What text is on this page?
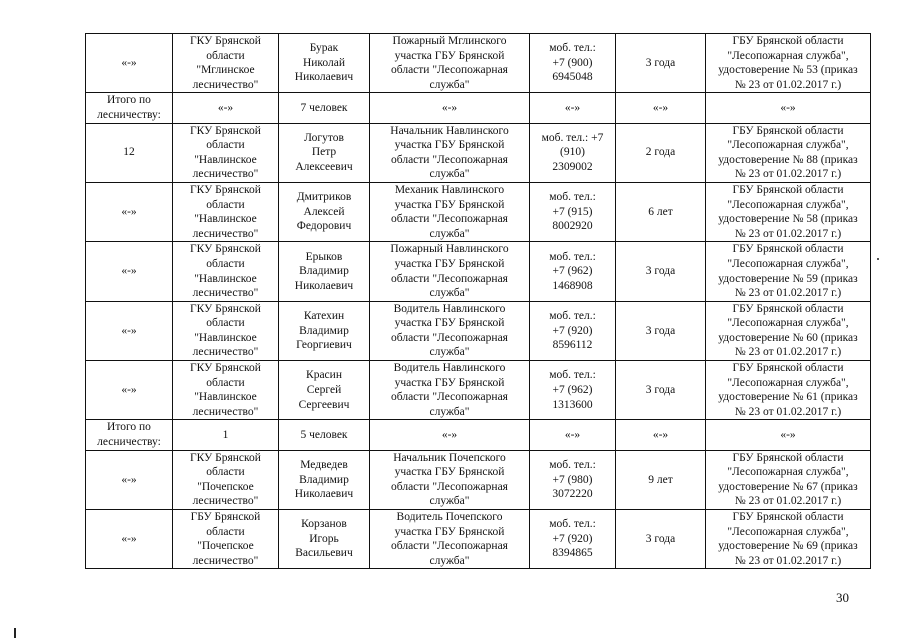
«-»	ГКУ Брянской
области
"Мглинское
лесничество"	Бурак
Николай
Николаевич	Пожарный Мглинского
участка ГБУ Брянской
области "Лесопожарная
служба"	моб. тел.:
+7 (900)
6945048	3 года	ГБУ Брянской области
"Лесопожарная служба",
удостоверение № 53 (приказ
№ 23 от 01.02.2017 г.)
Итого по
лесничеству:	«-»	7 человек	«-»	«-»	«-»	«-»
12	ГКУ Брянской
области
"Навлинское
лесничество"	Логутов
Петр
Алексеевич	Начальник Навлинского
участка ГБУ Брянской
области "Лесопожарная
служба"	моб. тел.: +7
(910)
2309002	2 года	ГБУ Брянской области
"Лесопожарная служба",
удостоверение № 88 (приказ
№ 23 от 01.02.2017 г.)
«-»	ГКУ Брянской
области
"Навлинское
лесничество"	Дмитриков
Алексей
Федорович	Механик Навлинского
участка ГБУ Брянской
области "Лесопожарная
служба"	моб. тел.:
+7 (915)
8002920	6 лет	ГБУ Брянской области
"Лесопожарная служба",
удостоверение № 58 (приказ
№ 23 от 01.02.2017 г.)
«-»	ГКУ Брянской
области
"Навлинское
лесничество"	Ерыков
Владимир
Николаевич	Пожарный Навлинского
участка ГБУ Брянской
области "Лесопожарная
служба"	моб. тел.:
+7 (962)
1468908	3 года	ГБУ Брянской области
"Лесопожарная служба",
удостоверение № 59 (приказ
№ 23 от 01.02.2017 г.)
«-»	ГКУ Брянской
области
"Навлинское
лесничество"	Катехин
Владимир
Георгиевич	Водитель Навлинского
участка ГБУ Брянской
области "Лесопожарная
служба"	моб. тел.:
+7 (920)
8596112	3 года	ГБУ Брянской области
"Лесопожарная служба",
удостоверение № 60 (приказ
№ 23 от 01.02.2017 г.)
«-»	ГКУ Брянской
области
"Навлинское
лесничество"	Красин
Сергей
Сергеевич	Водитель Навлинского
участка ГБУ Брянской
области "Лесопожарная
служба"	моб. тел.:
+7 (962)
1313600	3 года	ГБУ Брянской области
"Лесопожарная служба",
удостоверение № 61 (приказ
№ 23 от 01.02.2017 г.)
Итого по
лесничеству:	1	5 человек	«-»	«-»	«-»	«-»
«-»	ГКУ Брянской
области
"Почепское
лесничество"	Медведев
Владимир
Николаевич	Начальник Почепского
участка ГБУ Брянской
области "Лесопожарная
служба"	моб. тел.:
+7 (980)
3072220	9 лет	ГБУ Брянской области
"Лесопожарная служба",
удостоверение № 67 (приказ
№ 23 от 01.02.2017 г.)
«-»	ГБУ Брянской
области
"Почепское
лесничество"	Корзанов
Игорь
Васильевич	Водитель Почепского
участка ГБУ Брянской
области "Лесопожарная
служба"	моб. тел.:
+7 (920)
8394865	3 года	ГБУ Брянской области
"Лесопожарная служба",
удостоверение № 69 (приказ
№ 23 от 01.02.2017 г.)
30
